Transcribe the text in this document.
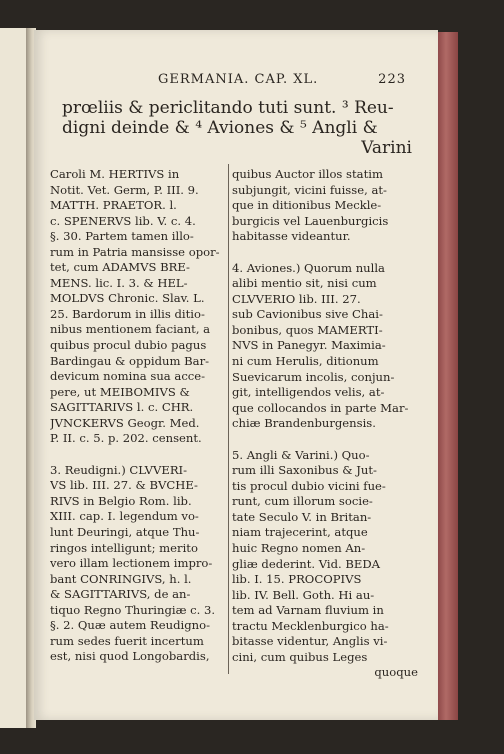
GERMANIA. CAP. XL.	223
prœliis & periclitando tuti sunt. ³ Reu-
digni deinde & ⁴ Aviones & ⁵ Angli &
Varini
Caroli M. HERTIVS in
Notit. Vet. Germ, P. III. 9.
MATTH. PRAETOR. l.
c. SPENERVS lib. V. c. 4.
§. 30. Partem tamen illo-
rum in Patria mansisse opor-
tet, cum ADAMVS BRE-
MENS. lic. I. 3. & HEL-
MOLDVS Chronic. Slav. L.
25. Bardorum in illis ditio-
nibus mentionem faciant, a
quibus procul dubio pagus
Bardingau & oppidum Bar-
devicum nomina sua acce-
pere, ut MEIBOMIVS &
SAGITTARIVS l. c. CHR.
JVNCKERVS Geogr. Med.
P. II. c. 5. p. 202. censent.
3. Reudigni.) CLVVERI-
VS lib. III. 27. & BVCHE-
RIVS in Belgio Rom. lib.
XIII. cap. I. legendum vo-
lunt Deuringi, atque Thu-
ringos intelligunt; merito
vero illam lectionem impro-
bant CONRINGIVS, h. l.
& SAGITTARIVS, de an-
tiquo Regno Thuringiæ c. 3.
§. 2. Quæ autem Reudigno-
rum sedes fuerit incertum
est, nisi quod Longobardis,
quibus Auctor illos statim
subjungit, vicini fuisse, at-
que in ditionibus Meckle-
burgicis vel Lauenburgicis
habitasse videantur.
4. Aviones.) Quorum nulla
alibi mentio sit, nisi cum
CLVVERIO lib. III. 27.
sub Cavionibus sive Chai-
bonibus, quos MAMERTI-
NVS in Panegyr. Maximia-
ni cum Herulis, ditionum
Suevicarum incolis, conjun-
git, intelligendos velis, at-
que collocandos in parte Mar-
chiæ Brandenburgensis.
5. Angli & Varini.) Quo-
rum illi Saxonibus & Jut-
tis procul dubio vicini fue-
runt, cum illorum socie-
tate Seculo V. in Britan-
niam trajecerint, atque
huic Regno nomen An-
gliæ dederint. Vid. BEDA
lib. I. 15. PROCOPIVS
lib. IV. Bell. Goth. Hi au-
tem ad Varnam fluvium in
tractu Mecklenburgico ha-
bitasse videntur, Anglis vi-
cini, cum quibus Leges
quoque
